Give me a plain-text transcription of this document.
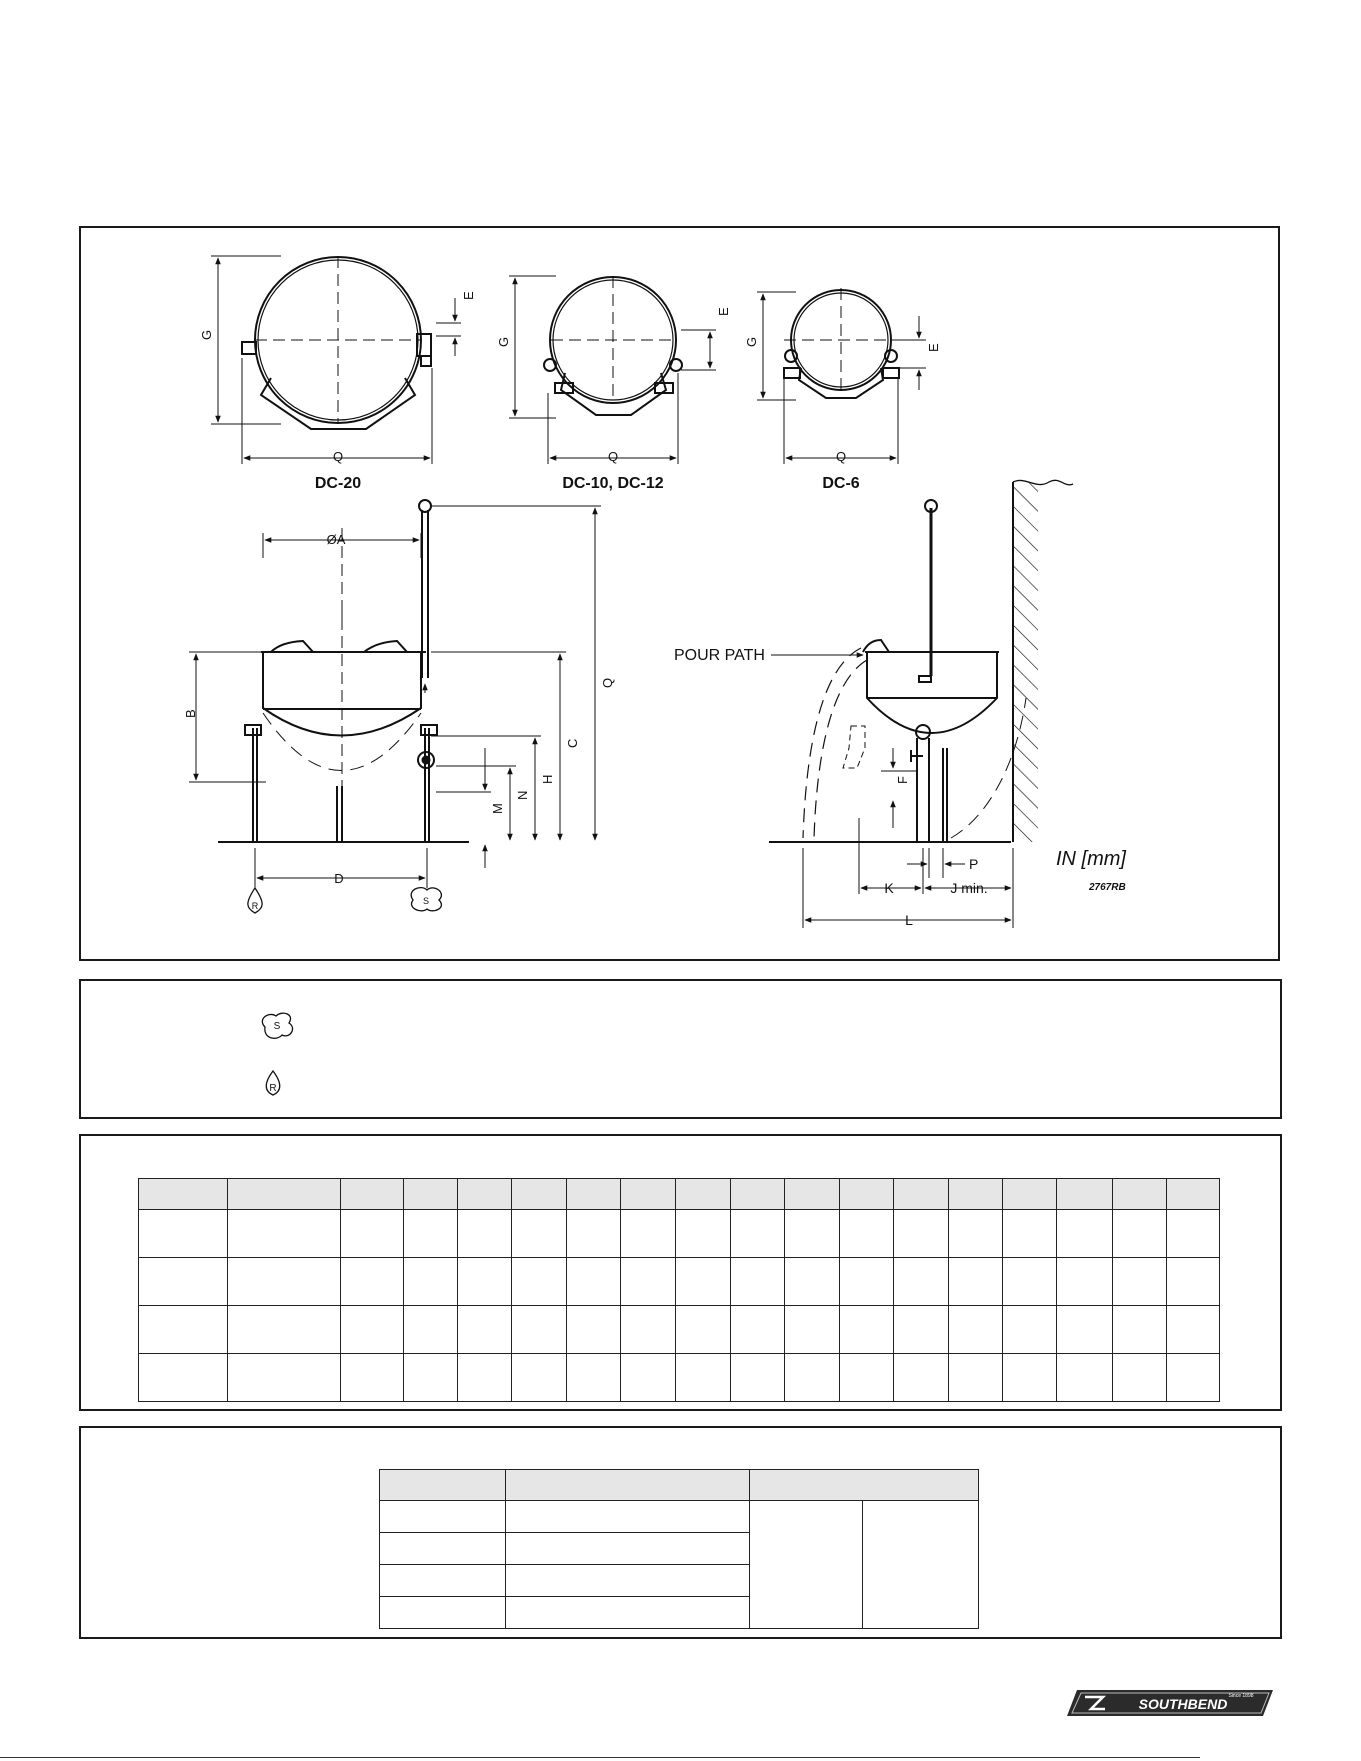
DC-20	DC-10, DC-12	DC-6
G
E
Q
G
E
Q
G
E
Q
ØA
B
Q
C
H
N
M
D
R	S
POUR PATH
F
P
K	J min.
L
IN [mm]
2767RB
S
R

SOUTHBEND Since 1898
